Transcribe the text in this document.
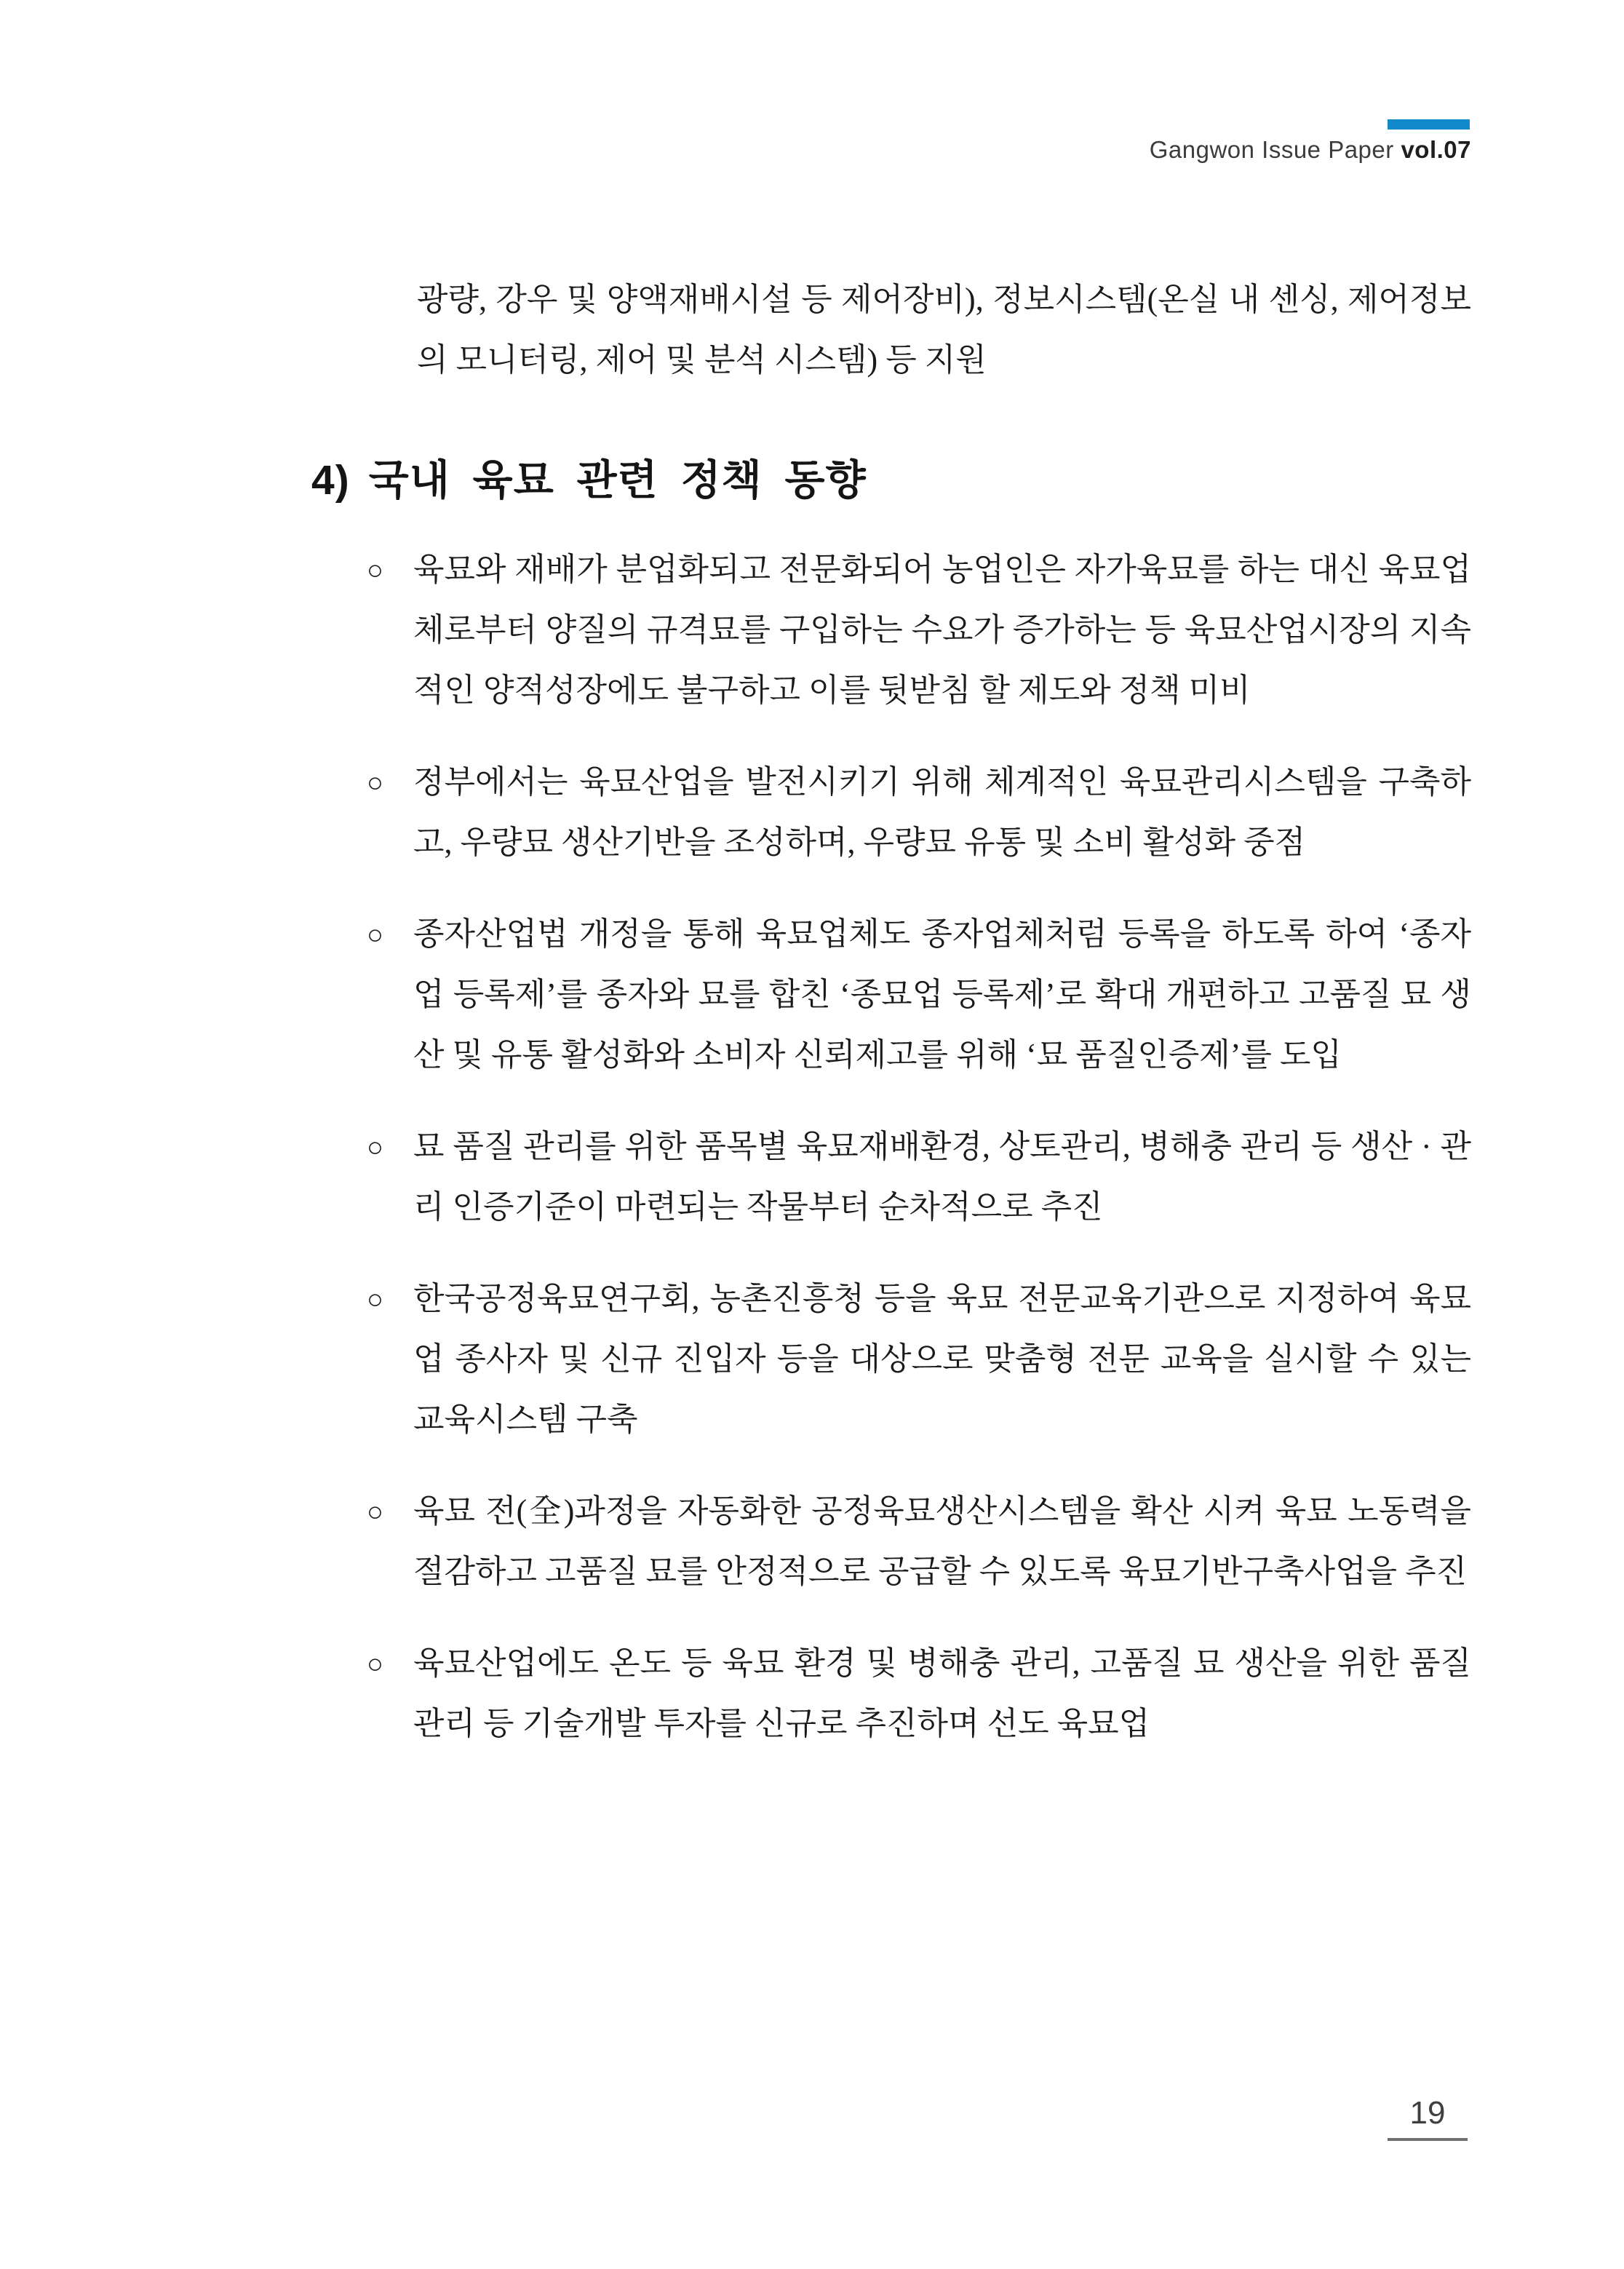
Gangwon Issue Paper vol.07

광량, 강우 및 양액재배시설 등 제어장비), 정보시스템(온실 내 센싱, 제어정보의 모니터링, 제어 및 분석 시스템) 등 지원

4) 국내 육묘 관련 정책 동향

○ 육묘와 재배가 분업화되고 전문화되어 농업인은 자가육묘를 하는 대신 육묘업체로부터 양질의 규격묘를 구입하는 수요가 증가하는 등 육묘산업시장의 지속적인 양적성장에도 불구하고 이를 뒷받침 할 제도와 정책 미비

○ 정부에서는 육묘산업을 발전시키기 위해 체계적인 육묘관리시스템을 구축하고, 우량묘 생산기반을 조성하며, 우량묘 유통 및 소비 활성화 중점

○ 종자산업법 개정을 통해 육묘업체도 종자업체처럼 등록을 하도록 하여 ‘종자업 등록제’를 종자와 묘를 합친 ‘종묘업 등록제’로 확대 개편하고 고품질 묘 생산 및 유통 활성화와 소비자 신뢰제고를 위해 ‘묘 품질인증제’를 도입

○ 묘 품질 관리를 위한 품목별 육묘재배환경, 상토관리, 병해충 관리 등 생산 · 관리 인증기준이 마련되는 작물부터 순차적으로 추진

○ 한국공정육묘연구회, 농촌진흥청 등을 육묘 전문교육기관으로 지정하여 육묘업 종사자 및 신규 진입자 등을 대상으로 맞춤형 전문 교육을 실시할 수 있는 교육시스템 구축

○ 육묘 전(全)과정을 자동화한 공정육묘생산시스템을 확산 시켜 육묘 노동력을 절감하고 고품질 묘를 안정적으로 공급할 수 있도록 육묘기반구축사업을 추진

○ 육묘산업에도 온도 등 육묘 환경 및 병해충 관리, 고품질 묘 생산을 위한 품질관리 등 기술개발 투자를 신규로 추진하며 선도 육묘업

19
